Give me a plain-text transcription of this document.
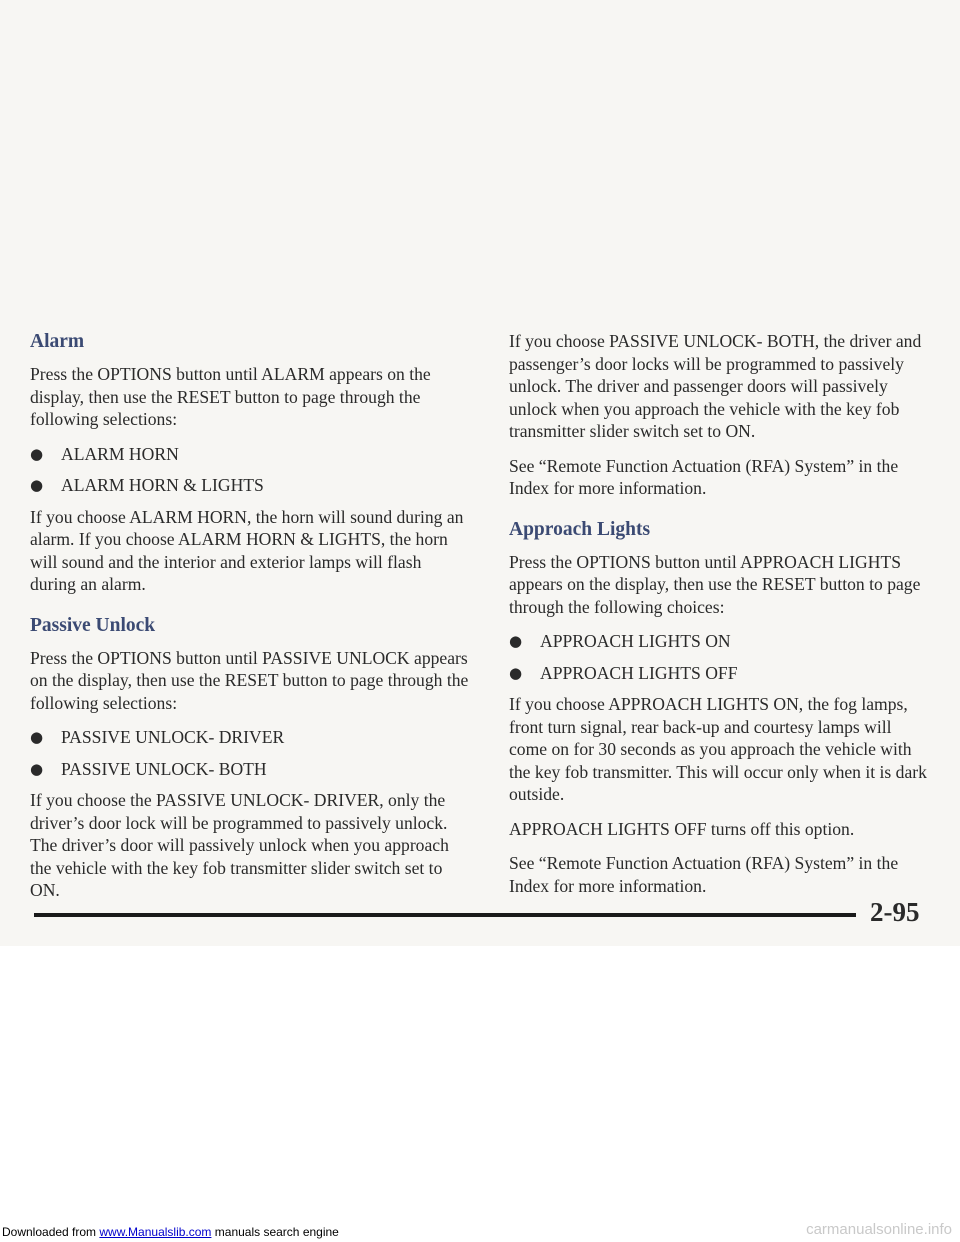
Alarm

Press the OPTIONS button until ALARM appears on the display, then use the RESET button to page through the following selections:

●	ALARM HORN
●	ALARM HORN & LIGHTS

If you choose ALARM HORN, the horn will sound during an alarm. If you choose ALARM HORN & LIGHTS, the horn will sound and the interior and exterior lamps will flash during an alarm.

Passive Unlock

Press the OPTIONS button until PASSIVE UNLOCK appears on the display, then use the RESET button to page through the following selections:

●	PASSIVE UNLOCK- DRIVER
●	PASSIVE UNLOCK- BOTH

If you choose the PASSIVE UNLOCK- DRIVER, only the driver’s door lock will be programmed to passively unlock. The driver’s door will passively unlock when you approach the vehicle with the key fob transmitter slider switch set to ON.

If you choose PASSIVE UNLOCK- BOTH, the driver and passenger’s door locks will be programmed to passively unlock. The driver and passenger doors will passively unlock when you approach the vehicle with the key fob transmitter slider switch set to ON.

See “Remote Function Actuation (RFA) System” in the Index for more information.

Approach Lights

Press the OPTIONS button until APPROACH LIGHTS appears on the display, then use the RESET button to page through the following choices:

●	APPROACH LIGHTS ON
●	APPROACH LIGHTS OFF

If you choose APPROACH LIGHTS ON, the fog lamps, front turn signal, rear back-up and courtesy lamps will come on for 30 seconds as you approach the vehicle with the key fob transmitter. This will occur only when it is dark outside.

APPROACH LIGHTS OFF turns off this option.

See “Remote Function Actuation (RFA) System” in the Index for more information.

2-95
Downloaded from www.Manualslib.com manuals search engine	carmanualsonline.info
